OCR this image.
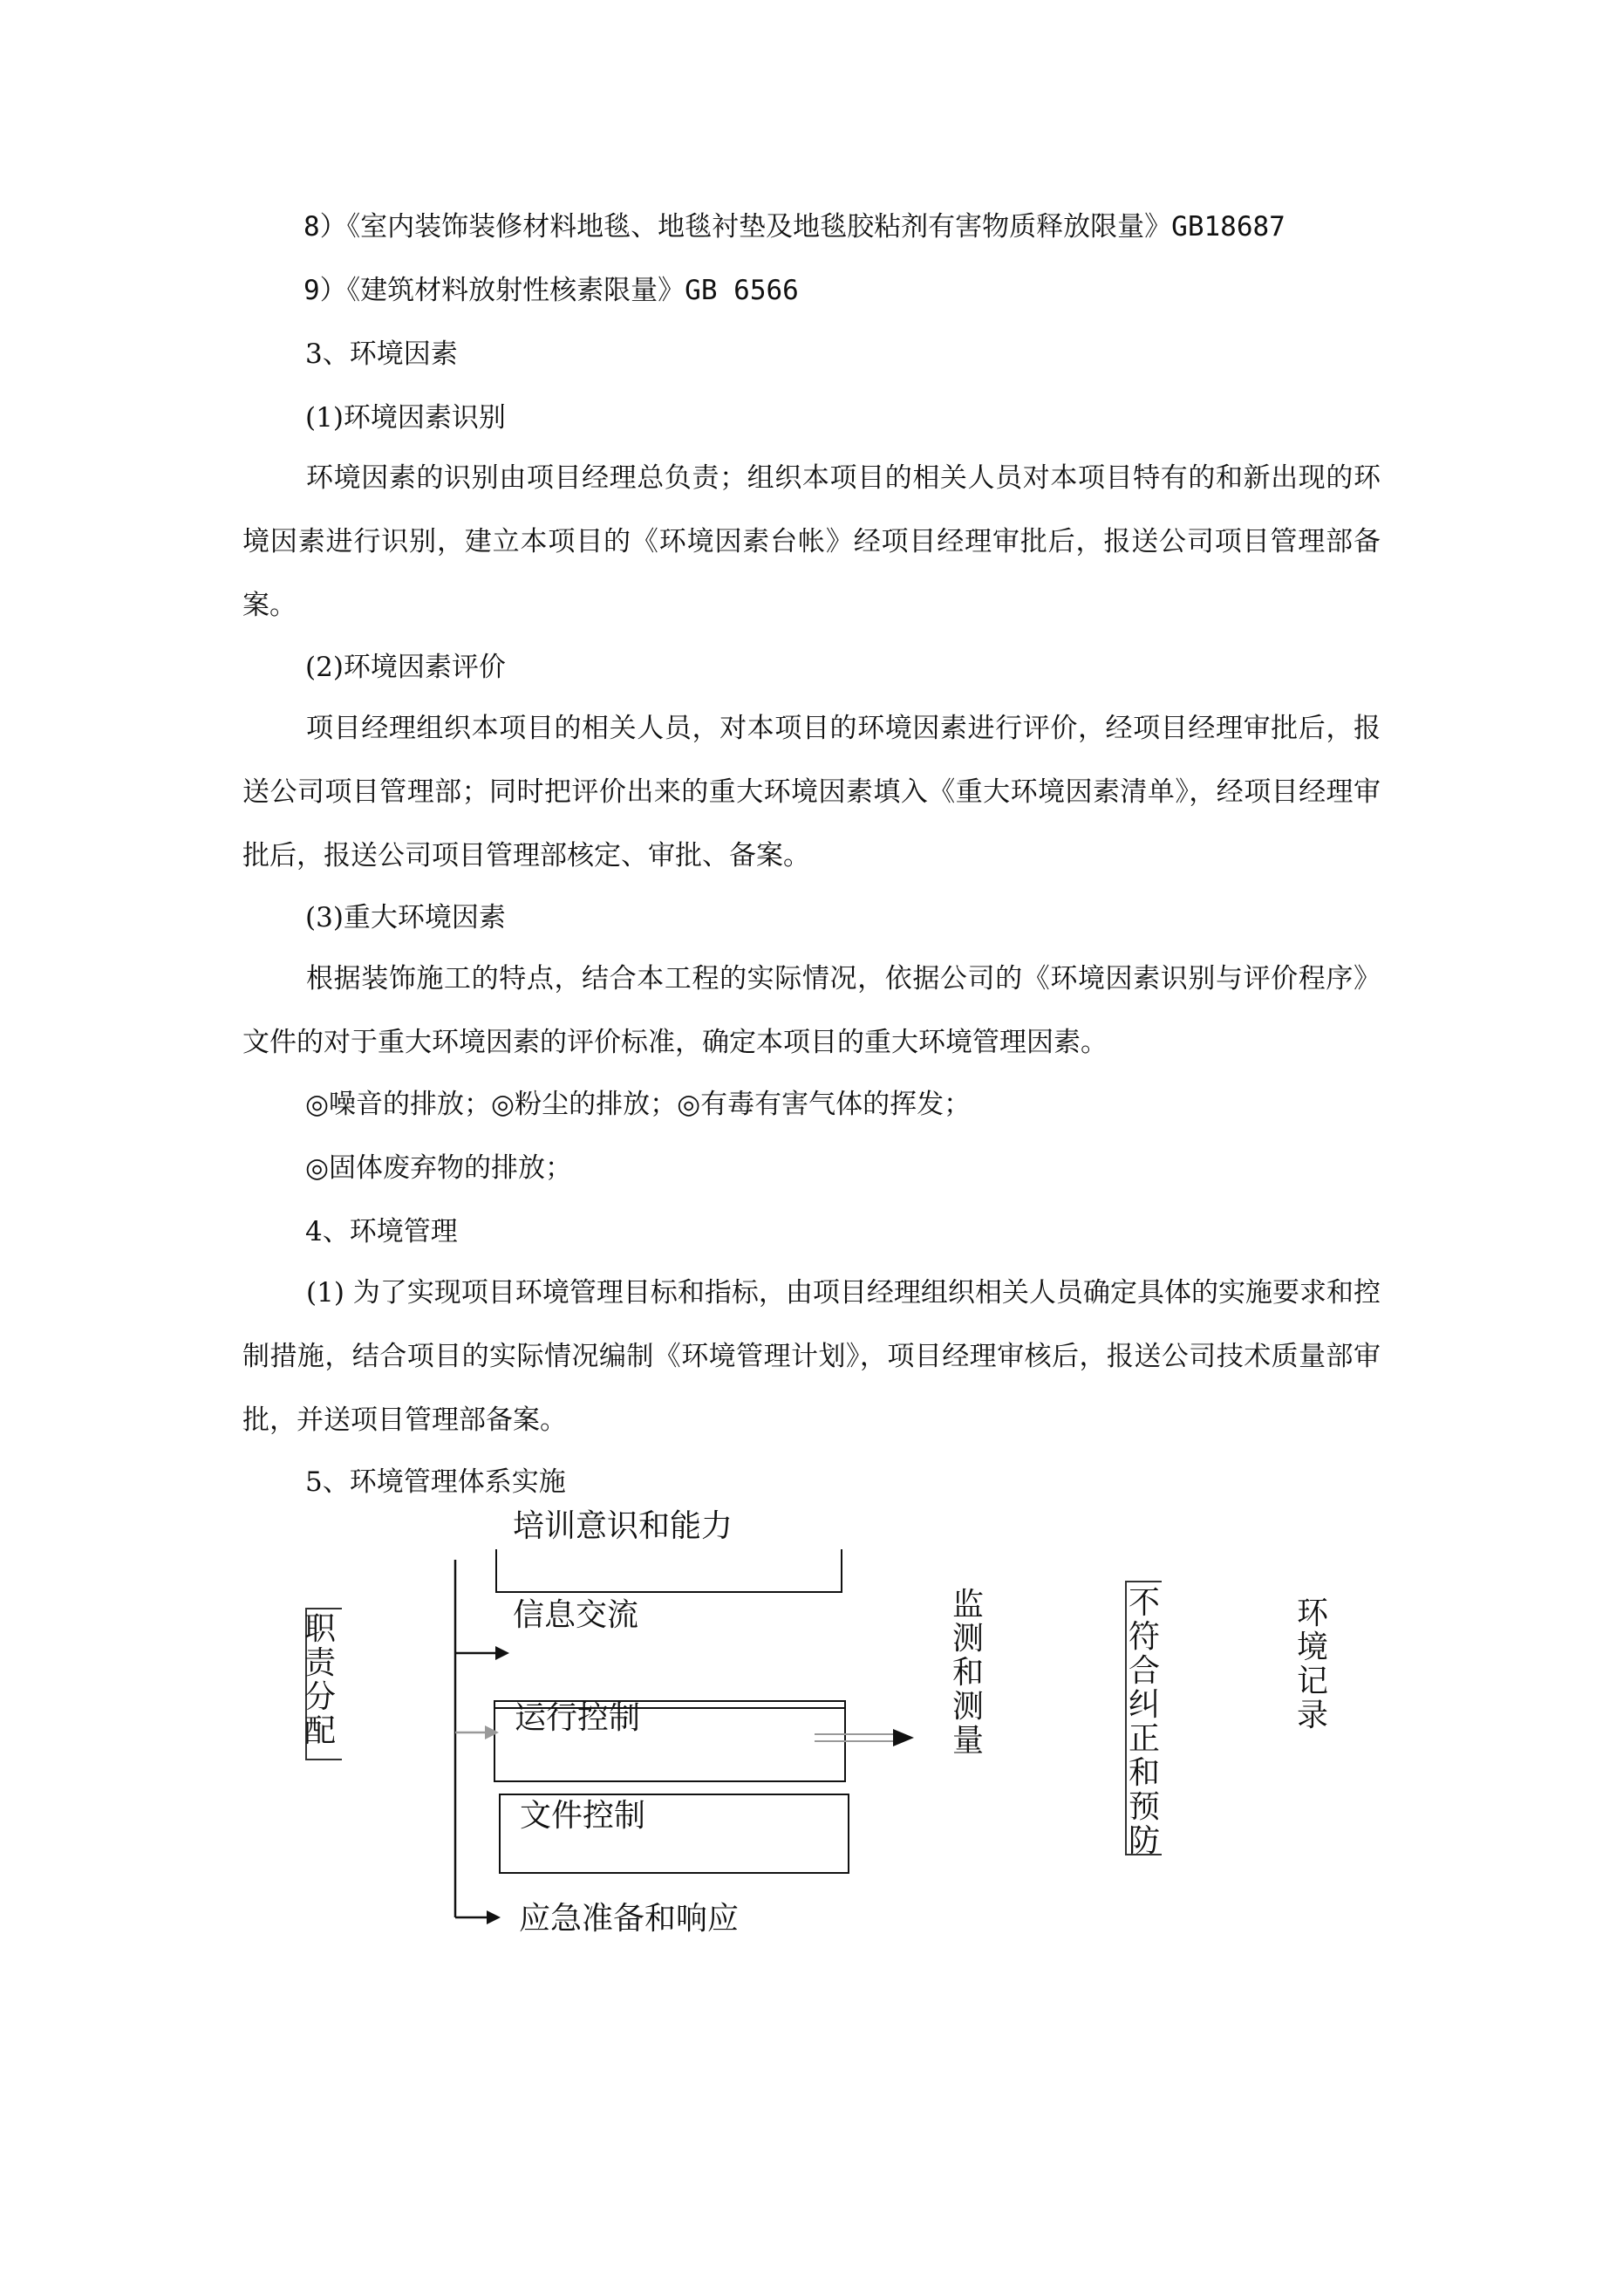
8）《室内装饰装修材料地毯、地毯衬垫及地毯胶粘剂有害物质释放限量》GB18687
9）《建筑材料放射性核素限量》GB 6566
3、环境因素
(1)环境因素识别
环境因素的识别由项目经理总负责；组织本项目的相关人员对本项目特有的和新出现的环境因素进行识别，建立本项目的《环境因素台帐》经项目经理审批后，报送公司项目管理部备案。
(2)环境因素评价
项目经理组织本项目的相关人员，对本项目的环境因素进行评价，经项目经理审批后，报送公司项目管理部；同时把评价出来的重大环境因素填入《重大环境因素清单》，经项目经理审批后，报送公司项目管理部核定、审批、备案。
(3)重大环境因素
根据装饰施工的特点，结合本工程的实际情况，依据公司的《环境因素识别与评价程序》文件的对于重大环境因素的评价标准，确定本项目的重大环境管理因素。
◎噪音的排放；◎粉尘的排放；◎有毒有害气体的挥发；
◎固体废弃物的排放；
4、环境管理
(1) 为了实现项目环境管理目标和指标，由项目经理组织相关人员确定具体的实施要求和控制措施，结合项目的实际情况编制《环境管理计划》，项目经理审核后，报送公司技术质量部审批，并送项目管理部备案。
5、环境管理体系实施
培训意识和能力
信息交流
运行控制
文件控制
应急准备和响应
职责分配
监测和测量
不符合纠正和预防
环境记录
